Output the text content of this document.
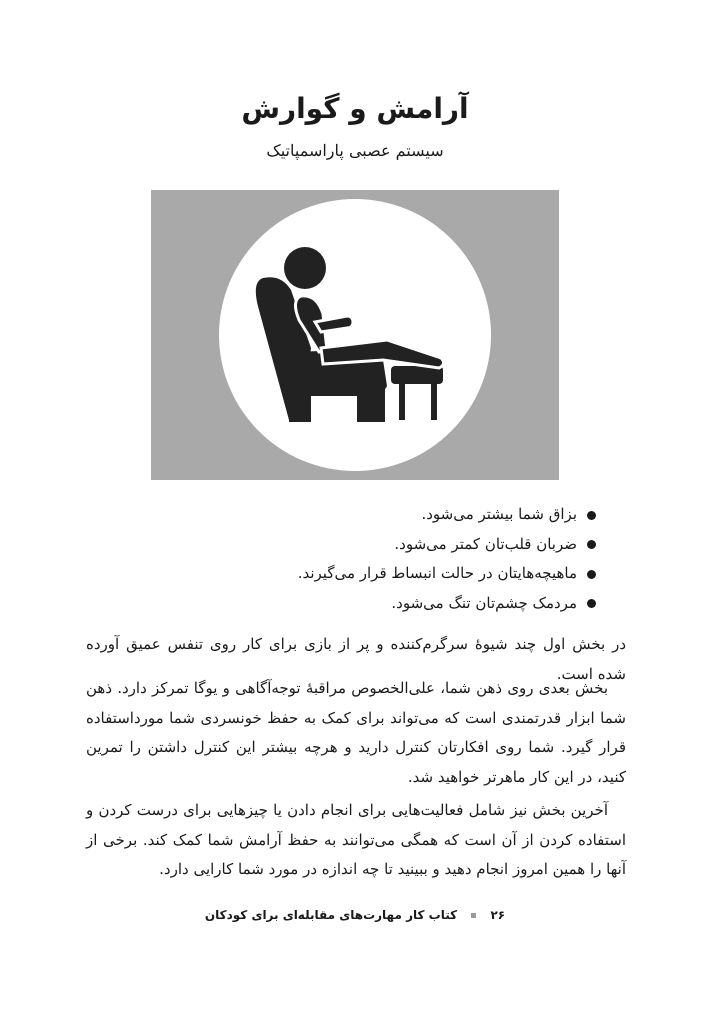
آرامش و گوارش
سیستم عصبی پاراسمپاتیک
بزاق شما بیشتر می‌شود.
ضربان قلب‌تان کمتر می‌شود.
ماهیچه‌هایتان در حالت انبساط قرار می‌گیرند.
مردمک چشم‌تان تنگ می‌شود.

در بخش اول چند شیوهٔ سرگرم‌کننده و پر از بازی برای کار روی تنفس عمیق آورده شده است.

بخش بعدی روی ذهن شما، علی‌الخصوص مراقبهٔ توجه‌آگاهی و یوگا تمرکز دارد. ذهن شما ابزار قدرتمندی است که می‌تواند برای کمک به حفظ خونسردی شما مورداستفاده قرار گیرد. شما روی افکارتان کنترل دارید و هرچه بیشتر این کنترل داشتن را تمرین کنید، در این کار ماهرتر خواهید شد.

آخرین بخش نیز شامل فعالیت‌هایی برای انجام دادن یا چیزهایی برای درست کردن و استفاده کردن از آن است که همگی می‌توانند به حفظ آرامش شما کمک کند. برخی از آنها را همین امروز انجام دهید و ببینید تا چه اندازه در مورد شما کارایی دارد.

۲۶  کتاب کار مهارت‌های مقابله‌ای برای کودکان
